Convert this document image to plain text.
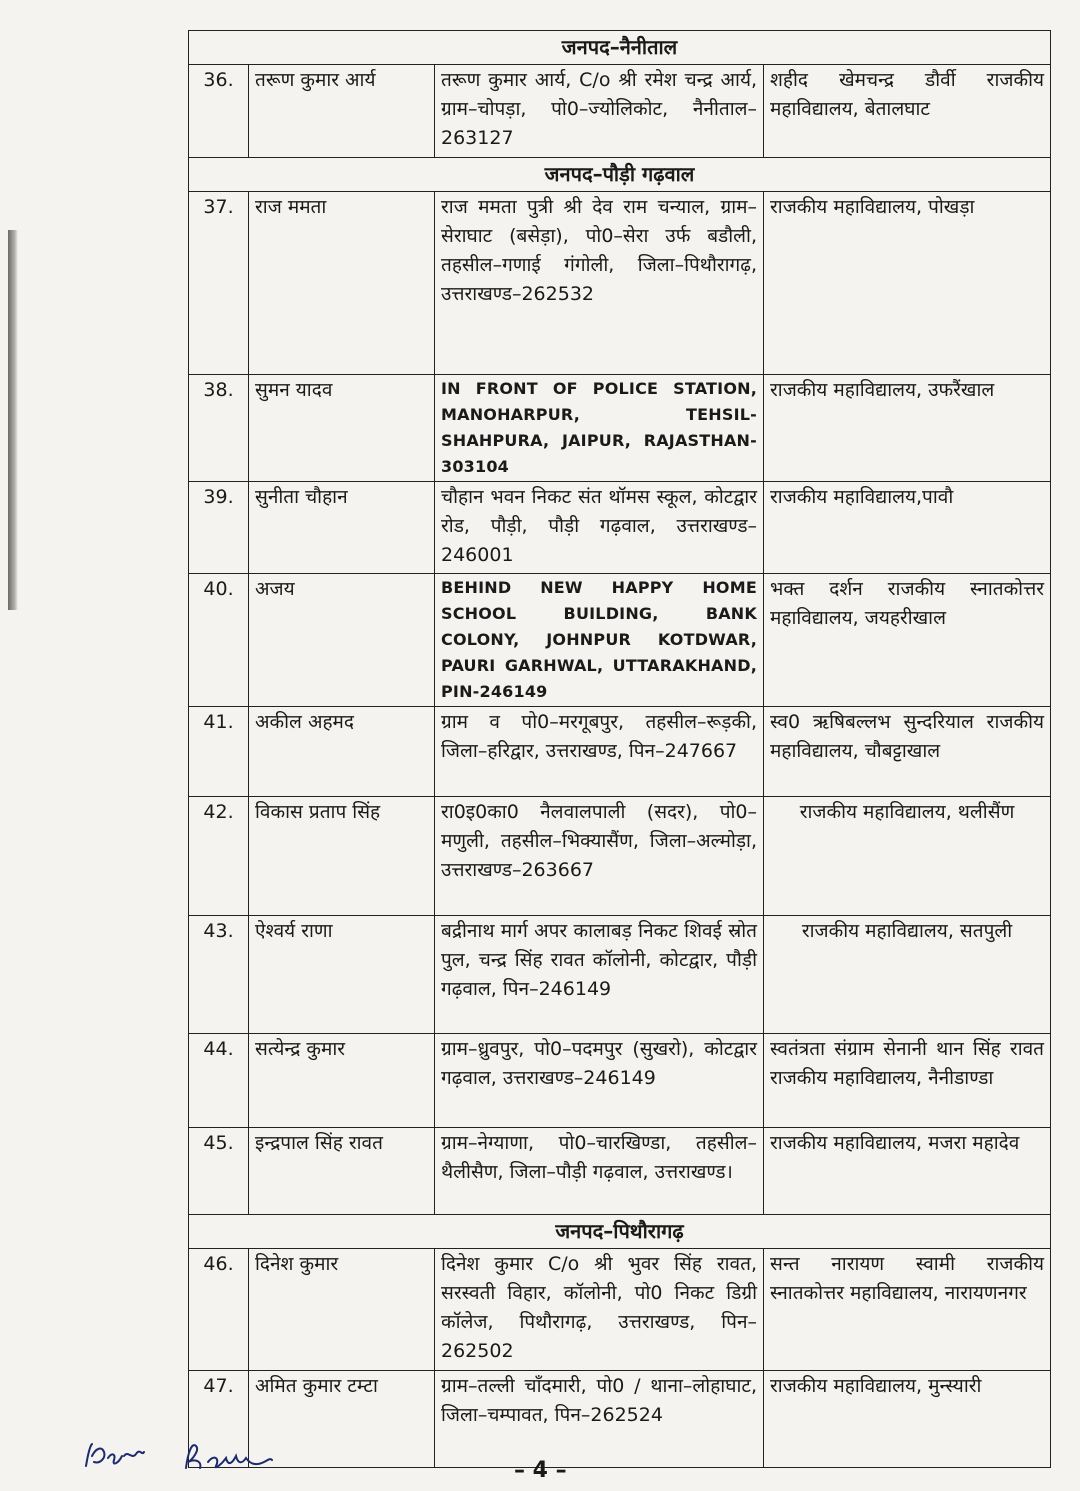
जनपद–नैनीताल			
36.	तरूण कुमार आर्य	तरूण कुमार आर्य, C/o श्री रमेश चन्द्र आर्य, ग्राम–चोपड़ा, पो0–ज्योलिकोट, नैनीताल–263127	शहीद खेमचन्द्र डौर्वी राजकीय महाविद्यालय, बेतालघाट
जनपद–पौड़ी गढ़वाल			
37.	राज ममता	राज ममता पुत्री श्री देव राम चन्याल, ग्राम–सेराघाट (बसेड़ा), पो0–सेरा उर्फ बडौली, तहसील–गणाई गंगोली, जिला–पिथौरागढ़, उत्तराखण्ड–262532	राजकीय महाविद्यालय, पोखड़ा
38.	सुमन यादव	IN FRONT OF POLICE STATION, MANOHARPUR, TEHSIL-SHAHPURA, JAIPUR, RAJASTHAN-303104	राजकीय महाविद्यालय, उफरैंखाल
39.	सुनीता चौहान	चौहान भवन निकट संत थॉमस स्कूल, कोटद्वार रोड, पौड़ी, पौड़ी गढ़वाल, उत्तराखण्ड–246001	राजकीय महाविद्यालय,पावौ
40.	अजय	BEHIND NEW HAPPY HOME SCHOOL BUILDING, BANK COLONY, JOHNPUR KOTDWAR, PAURI GARHWAL, UTTARAKHAND, PIN-246149	भक्त दर्शन राजकीय स्नातकोत्तर महाविद्यालय, जयहरीखाल
41.	अकील अहमद	ग्राम व पो0–मरगूबपुर, तहसील–रूड़की, जिला–हरिद्वार, उत्तराखण्ड, पिन–247667	स्व0 ऋषिबल्लभ सुन्दरियाल राजकीय महाविद्यालय, चौबट्टाखाल
42.	विकास प्रताप सिंह	रा0इ0का0 नैलवालपाली (सदर), पो0–मणुली, तहसील–भिक्यासैंण, जिला–अल्मोड़ा, उत्तराखण्ड–263667	राजकीय महाविद्यालय, थलीसैंण
43.	ऐश्वर्य राणा	बद्रीनाथ मार्ग अपर कालाबड़ निकट शिवई स्रोत पुल, चन्द्र सिंह रावत कॉलोनी, कोटद्वार, पौड़ी गढ़वाल, पिन–246149	राजकीय महाविद्यालय, सतपुली
44.	सत्येन्द्र कुमार	ग्राम–ध्रुवपुर, पो0–पदमपुर (सुखरो), कोटद्वार गढ़वाल, उत्तराखण्ड–246149	स्वतंत्रता संग्राम सेनानी थान सिंह रावत राजकीय महाविद्यालय, नैनीडाण्डा
45.	इन्द्रपाल सिंह रावत	ग्राम–नेग्याणा, पो0–चारखिण्डा, तहसील–थैलीसैण, जिला–पौड़ी गढ़वाल, उत्तराखण्ड।	राजकीय महाविद्यालय, मजरा महादेव
जनपद–पिथौरागढ़			
46.	दिनेश कुमार	दिनेश कुमार C/o श्री भुवर सिंह रावत, सरस्वती विहार, कॉलोनी, पो0 निकट डिग्री कॉलेज, पिथौरागढ़, उत्तराखण्ड, पिन–262502	सन्त नारायण स्वामी राजकीय स्नातकोत्तर महाविद्यालय, नारायणनगर
47.	अमित कुमार टम्टा	ग्राम–तल्ली चाँदमारी, पो0 / थाना–लोहाघाट, जिला–चम्पावत, पिन–262524	राजकीय महाविद्यालय, मुन्स्यारी
– 4 –
